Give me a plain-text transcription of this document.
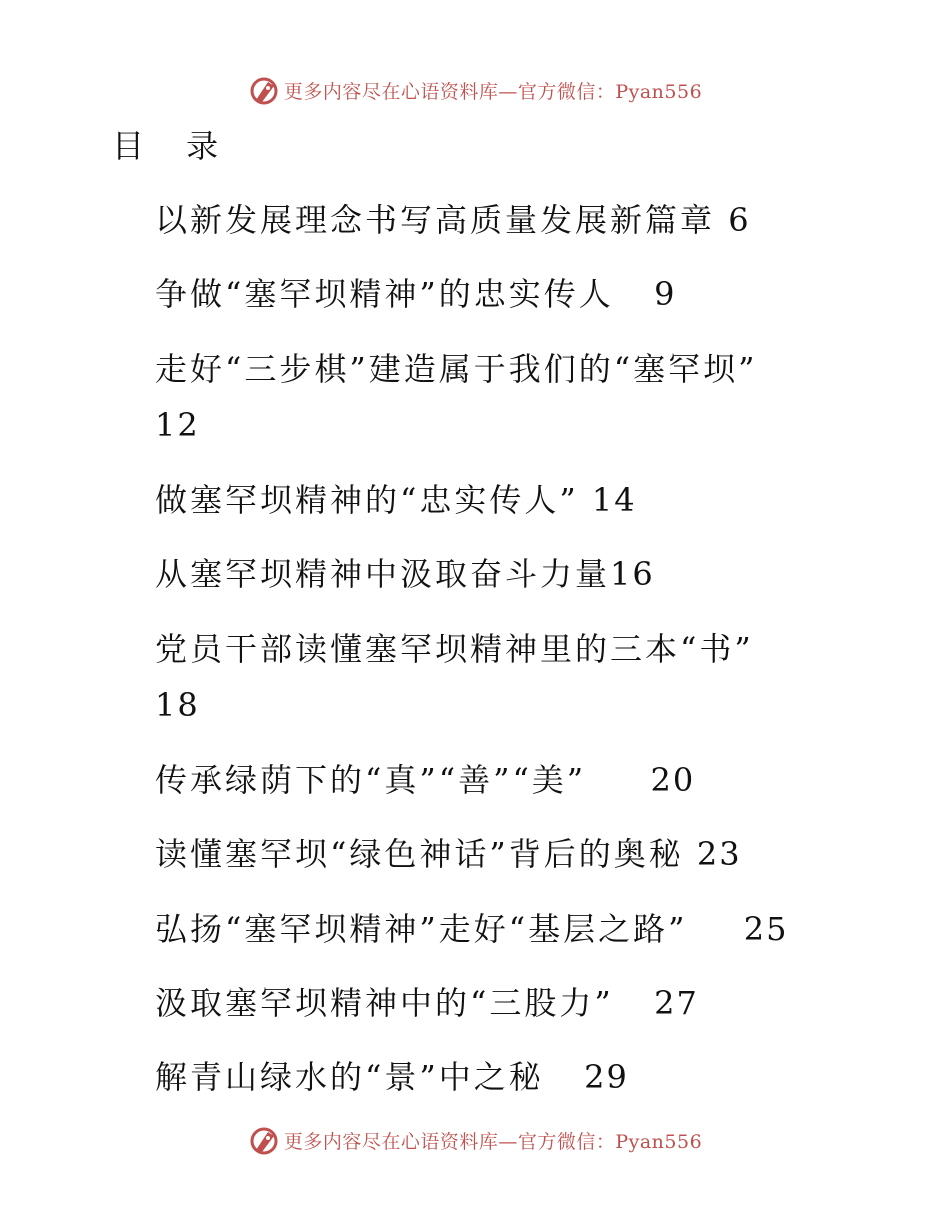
更多内容尽在心语资料库—官方微信：Pyan556
目 录
以新发展理念书写高质量发展新篇章 6
争做“塞罕坝精神”的忠实传人 9
走好“三步棋”建造属于我们的“塞罕坝”
12
做塞罕坝精神的“忠实传人” 14
从塞罕坝精神中汲取奋斗力量16
党员干部读懂塞罕坝精神里的三本“书”
18
传承绿荫下的“真”“善”“美” 20
读懂塞罕坝“绿色神话”背后的奥秘 23
弘扬“塞罕坝精神”走好“基层之路” 25
汲取塞罕坝精神中的“三股力” 27
解青山绿水的“景”中之秘 29
更多内容尽在心语资料库—官方微信：Pyan556
